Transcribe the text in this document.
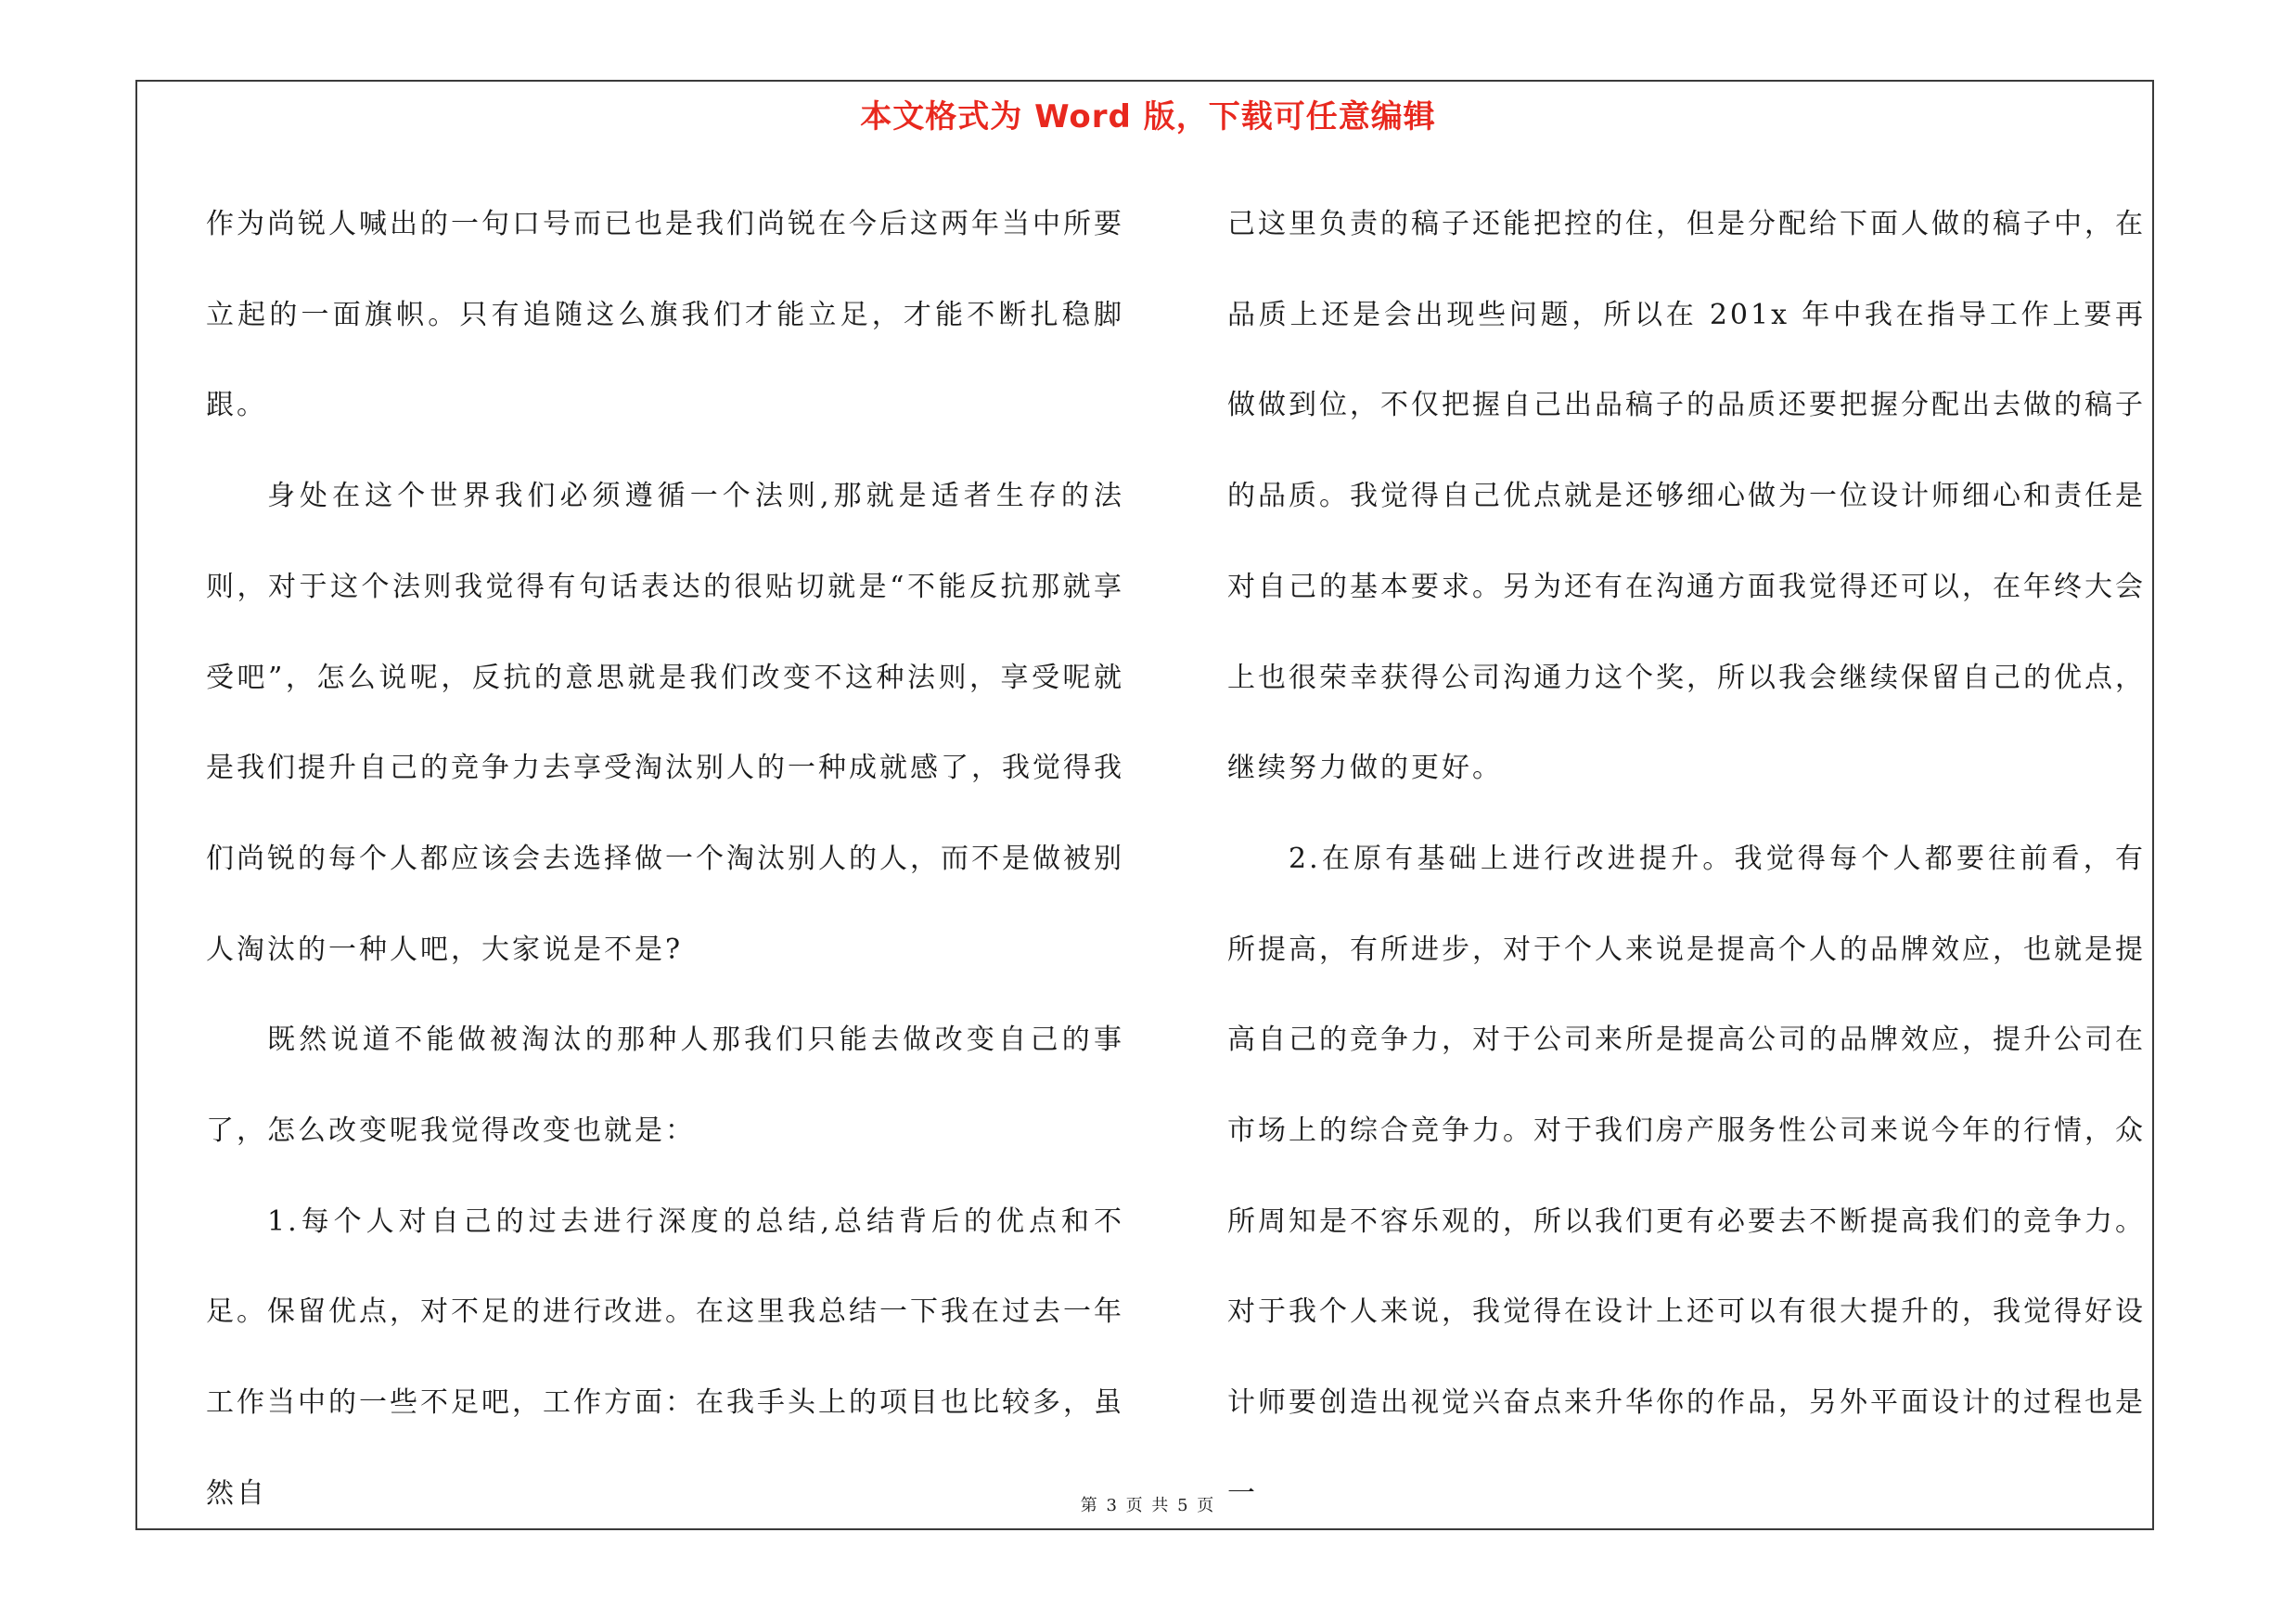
本文格式为 Word 版，下载可任意编辑

作为尚锐人喊出的一句口号而已也是我们尚锐在今后这两年当中所要立起的一面旗帜。只有追随这么旗我们才能立足，才能不断扎稳脚跟。

身处在这个世界我们必须遵循一个法则,那就是适者生存的法则，对于这个法则我觉得有句话表达的很贴切就是“不能反抗那就享受吧”，怎么说呢，反抗的意思就是我们改变不这种法则，享受呢就是我们提升自己的竞争力去享受淘汰别人的一种成就感了，我觉得我们尚锐的每个人都应该会去选择做一个淘汰别人的人，而不是做被别人淘汰的一种人吧，大家说是不是?

既然说道不能做被淘汰的那种人那我们只能去做改变自己的事了，怎么改变呢我觉得改变也就是：

1.每个人对自己的过去进行深度的总结,总结背后的优点和不足。保留优点，对不足的进行改进。在这里我总结一下我在过去一年工作当中的一些不足吧，工作方面：在我手头上的项目也比较多，虽然自

己这里负责的稿子还能把控的住，但是分配给下面人做的稿子中，在品质上还是会出现些问题，所以在 201x 年中我在指导工作上要再做做到位，不仅把握自己出品稿子的品质还要把握分配出去做的稿子的品质。我觉得自己优点就是还够细心做为一位设计师细心和责任是对自己的基本要求。另为还有在沟通方面我觉得还可以，在年终大会上也很荣幸获得公司沟通力这个奖，所以我会继续保留自己的优点，继续努力做的更好。

2.在原有基础上进行改进提升。我觉得每个人都要往前看，有所提高，有所进步，对于个人来说是提高个人的品牌效应，也就是提高自己的竞争力，对于公司来所是提高公司的品牌效应，提升公司在市场上的综合竞争力。对于我们房产服务性公司来说今年的行情，众所周知是不容乐观的，所以我们更有必要去不断提高我们的竞争力。对于我个人来说，我觉得在设计上还可以有很大提升的，我觉得好设计师要创造出视觉兴奋点来升华你的作品，另外平面设计的过程也是一

第 3 页 共 5 页
